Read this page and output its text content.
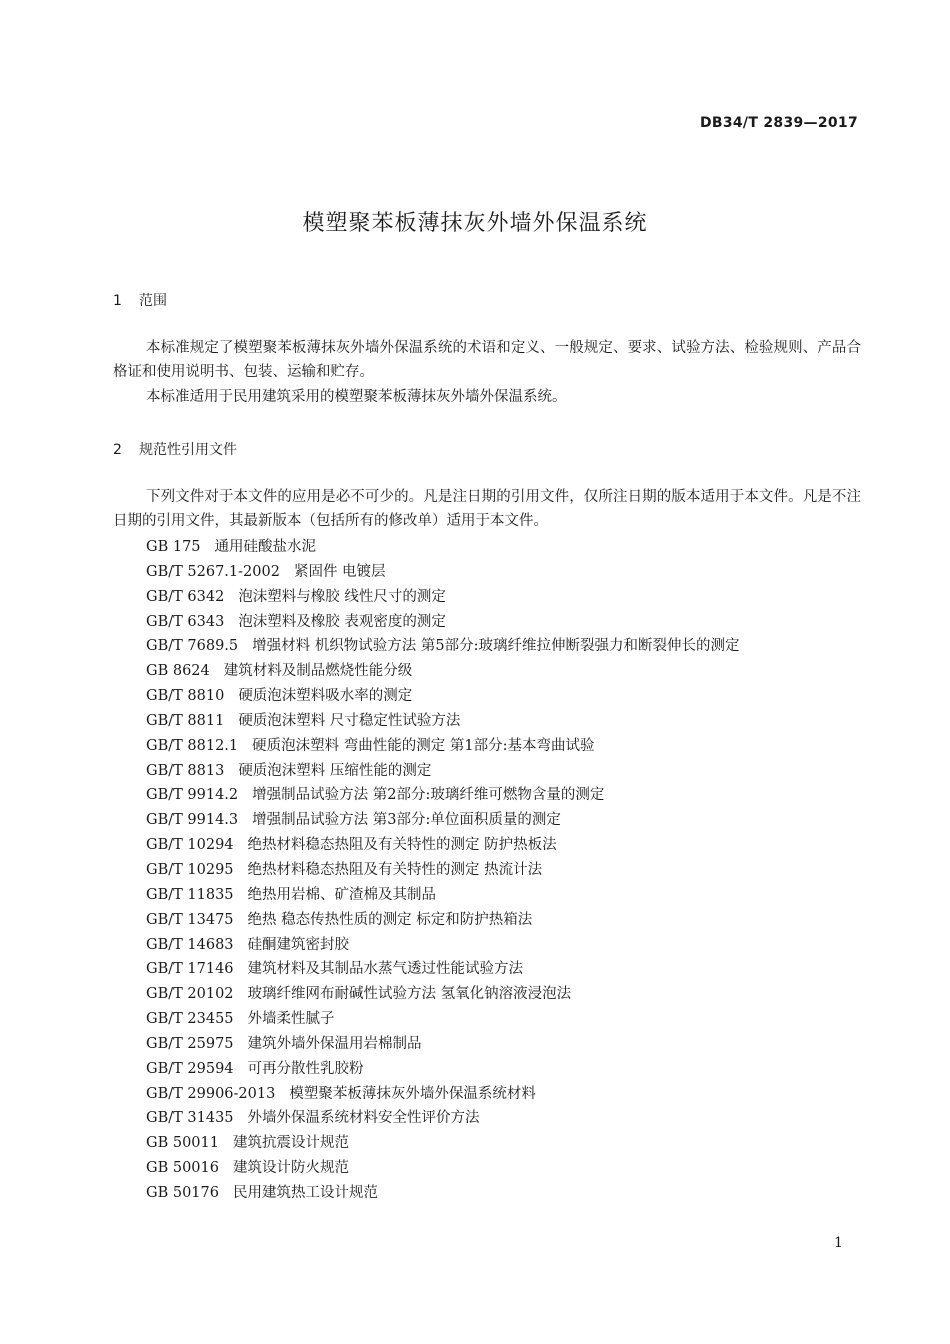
DB34/T 2839—2017
模塑聚苯板薄抹灰外墙外保温系统
1 范围
本标准规定了模塑聚苯板薄抹灰外墙外保温系统的术语和定义、一般规定、要求、试验方法、检验规则、产品合格证和使用说明书、包装、运输和贮存。
本标准适用于民用建筑采用的模塑聚苯板薄抹灰外墙外保温系统。
2 规范性引用文件
下列文件对于本文件的应用是必不可少的。凡是注日期的引用文件，仅所注日期的版本适用于本文件。凡是不注日期的引用文件，其最新版本（包括所有的修改单）适用于本文件。
GB 175 通用硅酸盐水泥
GB/T 5267.1-2002 紧固件 电镀层
GB/T 6342 泡沫塑料与橡胶 线性尺寸的测定
GB/T 6343 泡沫塑料及橡胶 表观密度的测定
GB/T 7689.5 增强材料 机织物试验方法 第5部分:玻璃纤维拉伸断裂强力和断裂伸长的测定
GB 8624 建筑材料及制品燃烧性能分级
GB/T 8810 硬质泡沫塑料吸水率的测定
GB/T 8811 硬质泡沫塑料 尺寸稳定性试验方法
GB/T 8812.1 硬质泡沫塑料 弯曲性能的测定 第1部分:基本弯曲试验
GB/T 8813 硬质泡沫塑料 压缩性能的测定
GB/T 9914.2 增强制品试验方法 第2部分:玻璃纤维可燃物含量的测定
GB/T 9914.3 增强制品试验方法 第3部分:单位面积质量的测定
GB/T 10294 绝热材料稳态热阻及有关特性的测定 防护热板法
GB/T 10295 绝热材料稳态热阻及有关特性的测定 热流计法
GB/T 11835 绝热用岩棉、矿渣棉及其制品
GB/T 13475 绝热 稳态传热性质的测定 标定和防护热箱法
GB/T 14683 硅酮建筑密封胶
GB/T 17146 建筑材料及其制品水蒸气透过性能试验方法
GB/T 20102 玻璃纤维网布耐碱性试验方法 氢氧化钠溶液浸泡法
GB/T 23455 外墙柔性腻子
GB/T 25975 建筑外墙外保温用岩棉制品
GB/T 29594 可再分散性乳胶粉
GB/T 29906-2013 模塑聚苯板薄抹灰外墙外保温系统材料
GB/T 31435 外墙外保温系统材料安全性评价方法
GB 50011 建筑抗震设计规范
GB 50016 建筑设计防火规范
GB 50176 民用建筑热工设计规范
1
